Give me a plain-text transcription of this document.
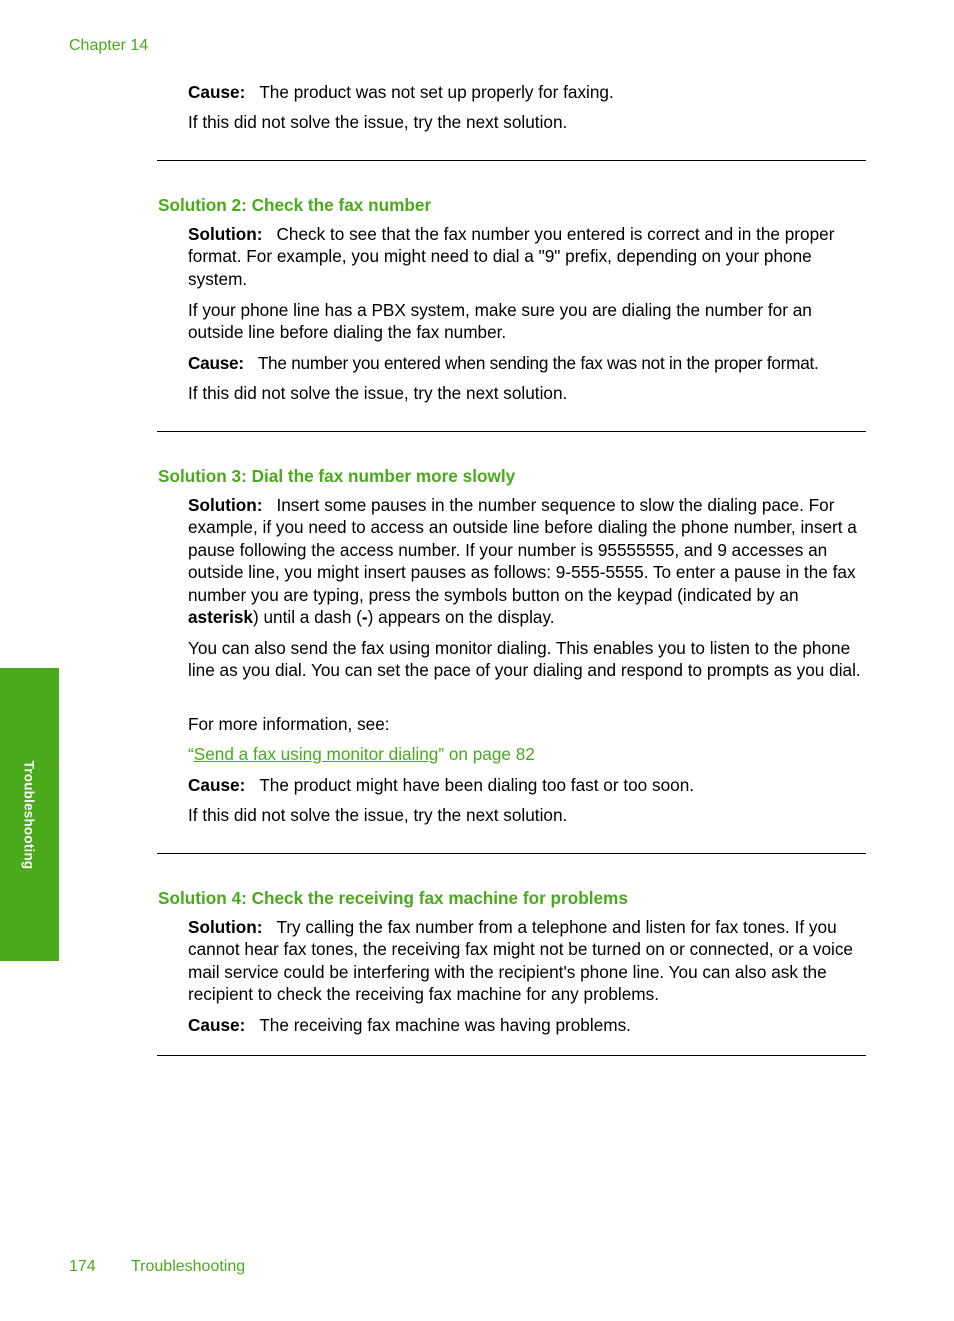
Chapter 14

Cause: The product was not set up properly for faxing.

If this did not solve the issue, try the next solution.

Solution 2: Check the fax number

Solution: Check to see that the fax number you entered is correct and in the proper format. For example, you might need to dial a "9" prefix, depending on your phone system.

If your phone line has a PBX system, make sure you are dialing the number for an outside line before dialing the fax number.

Cause: The number you entered when sending the fax was not in the proper format.

If this did not solve the issue, try the next solution.

Solution 3: Dial the fax number more slowly

Solution: Insert some pauses in the number sequence to slow the dialing pace. For example, if you need to access an outside line before dialing the phone number, insert a pause following the access number. If your number is 95555555, and 9 accesses an outside line, you might insert pauses as follows: 9-555-5555. To enter a pause in the fax number you are typing, press the symbols button on the keypad (indicated by an asterisk) until a dash (-) appears on the display.

You can also send the fax using monitor dialing. This enables you to listen to the phone line as you dial. You can set the pace of your dialing and respond to prompts as you dial.

For more information, see:

“Send a fax using monitor dialing” on page 82

Cause: The product might have been dialing too fast or too soon.

If this did not solve the issue, try the next solution.

Solution 4: Check the receiving fax machine for problems

Solution: Try calling the fax number from a telephone and listen for fax tones. If you cannot hear fax tones, the receiving fax might not be turned on or connected, or a voice mail service could be interfering with the recipient's phone line. You can also ask the recipient to check the receiving fax machine for any problems.

Cause: The receiving fax machine was having problems.

Troubleshooting
174 Troubleshooting
